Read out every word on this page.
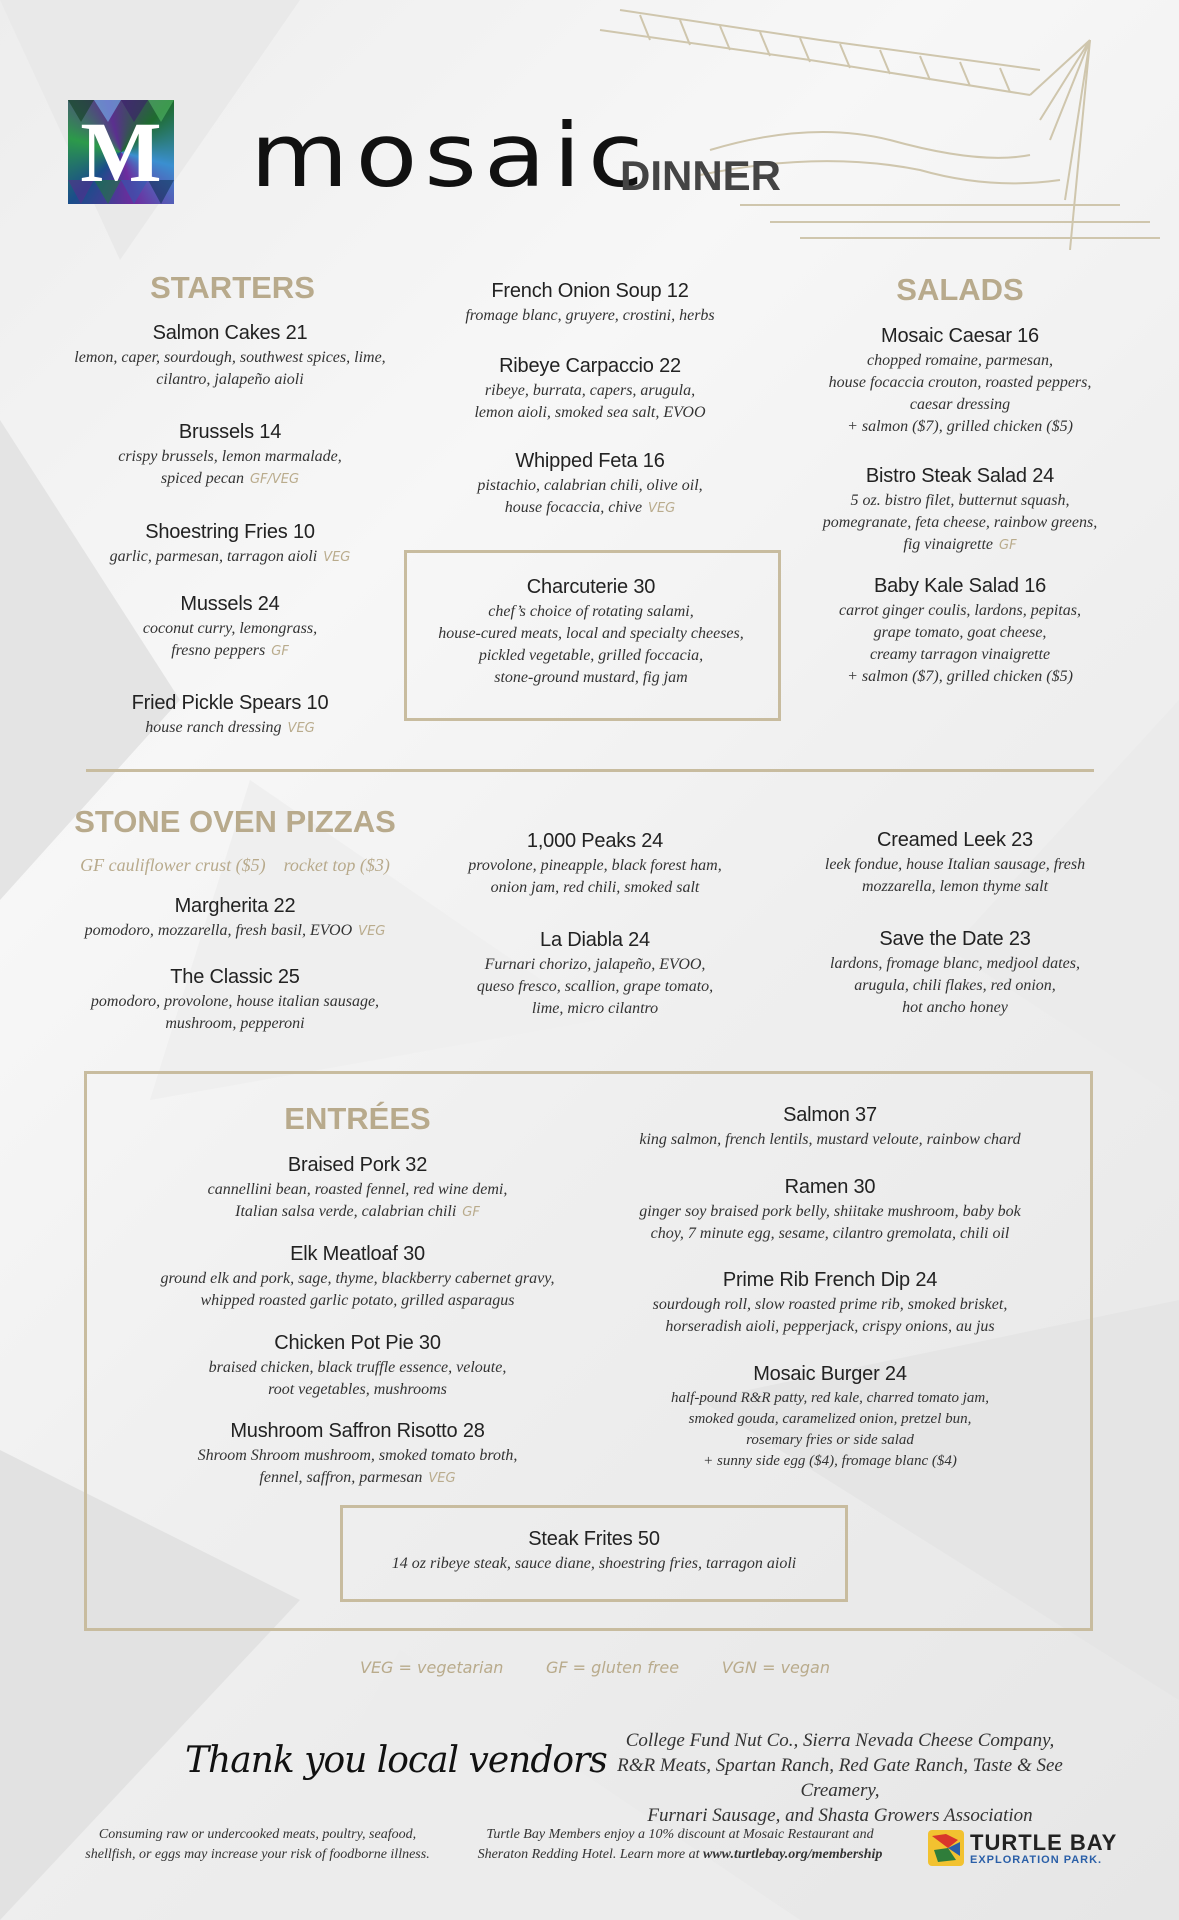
M mosaic
DINNER
STARTERS
Salmon Cakes 21
lemon, caper, sourdough, southwest spices, lime,
cilantro, jalapeño aioli
Brussels 14
crispy brussels, lemon marmalade,
spiced pecan GF/VEG
Shoestring Fries 10
garlic, parmesan, tarragon aioli VEG
Mussels 24
coconut curry, lemongrass,
fresno peppers GF
Fried Pickle Spears 10
house ranch dressing VEG
French Onion Soup 12
fromage blanc, gruyere, crostini, herbs
Ribeye Carpaccio 22
ribeye, burrata, capers, arugula,
lemon aioli, smoked sea salt, EVOO
Whipped Feta 16
pistachio, calabrian chili, olive oil,
house focaccia, chive VEG
Charcuterie 30
chef’s choice of rotating salami,
house-cured meats, local and specialty cheeses,
pickled vegetable, grilled foccacia,
stone-ground mustard, fig jam
SALADS
Mosaic Caesar 16
chopped romaine, parmesan,
house focaccia crouton, roasted peppers,
caesar dressing
+ salmon ($7), grilled chicken ($5)
Bistro Steak Salad 24
5 oz. bistro filet, butternut squash,
pomegranate, feta cheese, rainbow greens,
fig vinaigrette GF
Baby Kale Salad 16
carrot ginger coulis, lardons, pepitas,
grape tomato, goat cheese,
creamy tarragon vinaigrette
+ salmon ($7), grilled chicken ($5)
STONE OVEN PIZZAS
GF cauliflower crust ($5)    rocket top ($3)
Margherita 22
pomodoro, mozzarella, fresh basil, EVOO VEG
The Classic 25
pomodoro, provolone, house italian sausage,
mushroom, pepperoni
1,000 Peaks 24
provolone, pineapple, black forest ham,
onion jam, red chili, smoked salt
La Diabla 24
Furnari chorizo, jalapeño, EVOO,
queso fresco, scallion, grape tomato,
lime, micro cilantro
Creamed Leek 23
leek fondue, house Italian sausage, fresh
mozzarella, lemon thyme salt
Save the Date 23
lardons, fromage blanc, medjool dates,
arugula, chili flakes, red onion,
hot ancho honey
ENTRÉES
Braised Pork 32
cannellini bean, roasted fennel, red wine demi,
Italian salsa verde, calabrian chili GF
Elk Meatloaf 30
ground elk and pork, sage, thyme, blackberry cabernet gravy,
whipped roasted garlic potato, grilled asparagus
Chicken Pot Pie 30
braised chicken, black truffle essence, veloute,
root vegetables, mushrooms
Mushroom Saffron Risotto 28
Shroom Shroom mushroom, smoked tomato broth,
fennel, saffron, parmesan VEG
Salmon 37
king salmon, french lentils, mustard veloute, rainbow chard
Ramen 30
ginger soy braised pork belly, shiitake mushroom, baby bok
choy, 7 minute egg, sesame, cilantro gremolata, chili oil
Prime Rib French Dip 24
sourdough roll, slow roasted prime rib, smoked brisket,
horseradish aioli, pepperjack, crispy onions, au jus
Mosaic Burger 24
half-pound R&R patty, red kale, charred tomato jam,
smoked gouda, caramelized onion, pretzel bun,
rosemary fries or side salad
+ sunny side egg ($4), fromage blanc ($4)
Steak Frites 50
14 oz ribeye steak, sauce diane, shoestring fries, tarragon aioli
VEG = vegetarian	GF = gluten free	VGN = vegan
Thank you local vendors College Fund Nut Co., Sierra Nevada Cheese Company,
R&R Meats, Spartan Ranch, Red Gate Ranch, Taste & See Creamery,
Furnari Sausage, and Shasta Growers Association
Consuming raw or undercooked meats, poultry, seafood,
shellfish, or eggs may increase your risk of foodborne illness.
Turtle Bay Members enjoy a 10% discount at Mosaic Restaurant and
Sheraton Redding Hotel. Learn more at www.turtlebay.org/membership	TURTLE BAY
EXPLORATION PARK.
